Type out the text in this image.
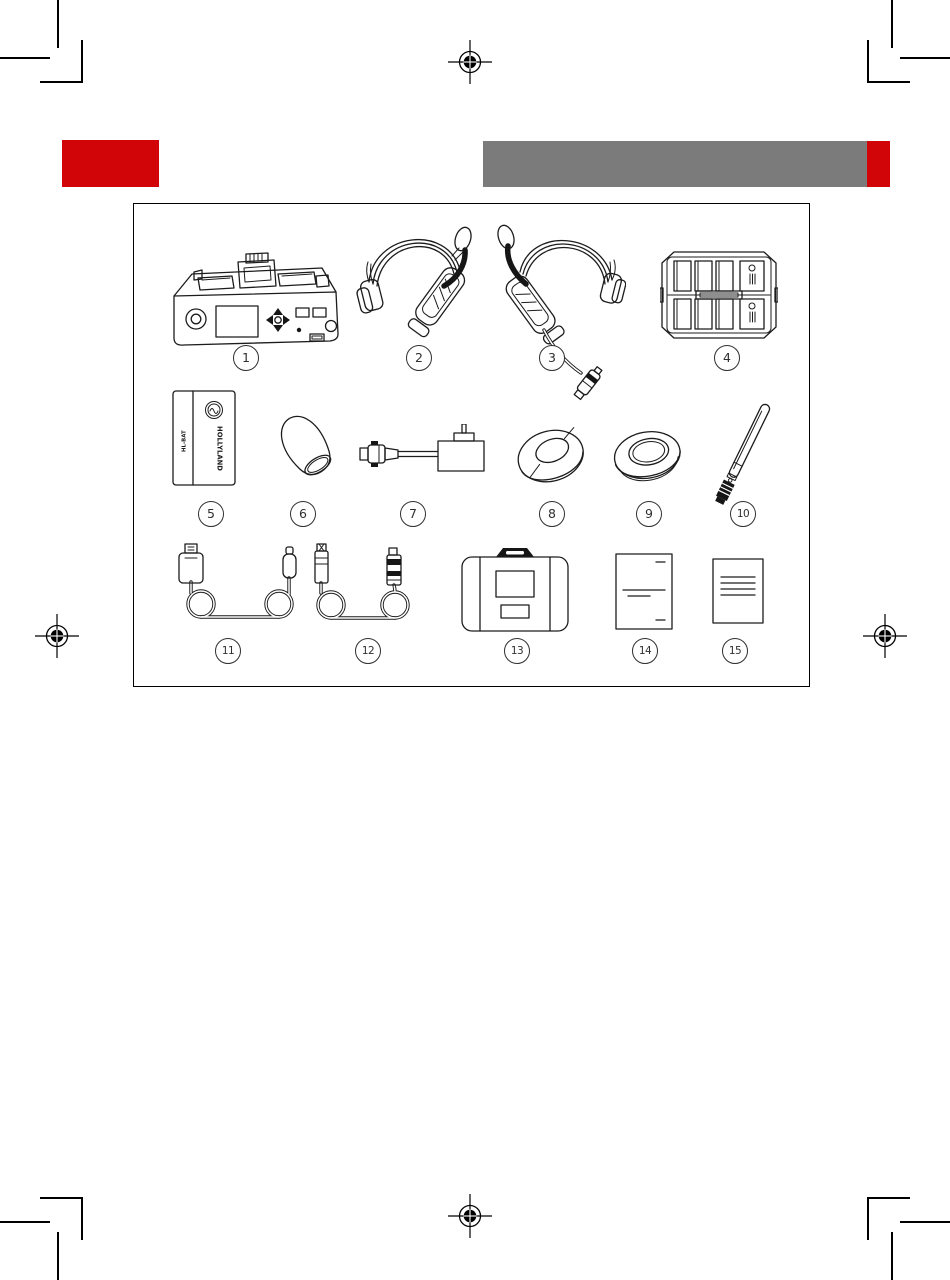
HOLLYLAND
HL-BAT
1	2	3	4
5	6	7	8	9	10
11	12	13	14	15
